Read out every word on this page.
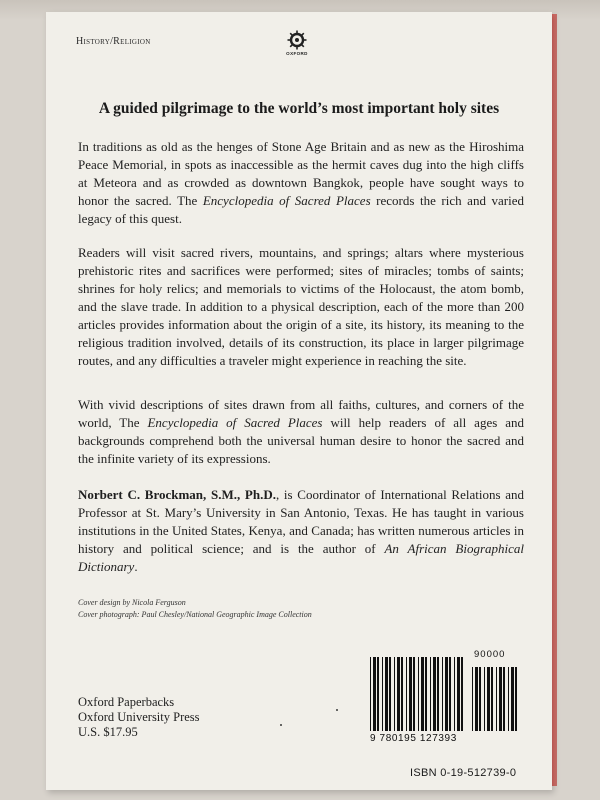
History/Religion
OXFORD
A guided pilgrimage to the world’s most important holy sites
In traditions as old as the henges of Stone Age Britain and as new as the Hiroshima Peace Memorial, in spots as inaccessible as the hermit caves dug into the high cliffs at Meteora and as crowded as downtown Bangkok, people have sought ways to honor the sacred. The Encyclopedia of Sacred Places records the rich and varied legacy of this quest.
Readers will visit sacred rivers, mountains, and springs; altars where mysterious prehistoric rites and sacrifices were performed; sites of miracles; tombs of saints; shrines for holy relics; and memorials to victims of the Holocaust, the atom bomb, and the slave trade. In addition to a physical description, each of the more than 200 articles provides information about the origin of a site, its history, its meaning to the religious tradition involved, details of its construction, its place in larger pilgrimage routes, and any difficulties a traveler might experience in reaching the site.
With vivid descriptions of sites drawn from all faiths, cultures, and corners of the world, The Encyclopedia of Sacred Places will help readers of all ages and backgrounds comprehend both the universal human desire to honor the sacred and the infinite variety of its expressions.
Norbert C. Brockman, S.M., Ph.D., is Coordinator of International Relations and Professor at St. Mary’s University in San Antonio, Texas. He has taught in various institutions in the United States, Kenya, and Canada; has written numerous articles in history and political science; and is the author of An African Biographical Dictionary.
Cover design by Nicola Ferguson
Cover photograph: Paul Chesley/National Geographic Image Collection
Oxford Paperbacks
Oxford University Press
U.S. $17.95	9 780195 127393
90000
ISBN 0-19-512739-0
